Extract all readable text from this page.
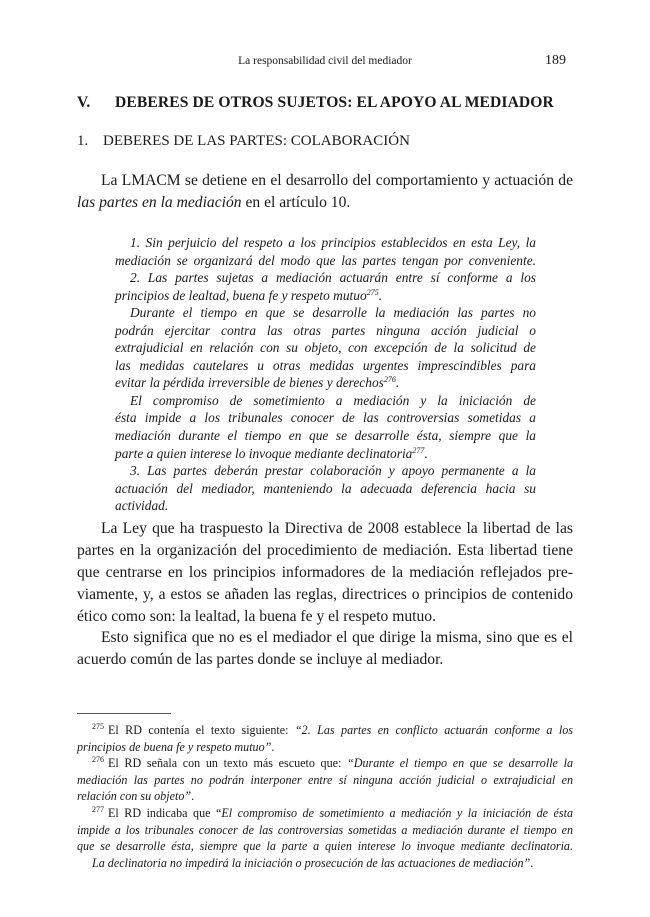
La responsabilidad civil del mediador	189
V. DEBERES DE OTROS SUJETOS: EL APOYO AL MEDIADOR
1. DEBERES DE LAS PARTES: COLABORACIÓN
La LMACM se detiene en el desarrollo del comportamiento y actuación de
las partes en la mediación en el artículo 10.
1. Sin perjuicio del respeto a los principios establecidos en esta Ley, la
mediación se organizará del modo que las partes tengan por conveniente.
2. Las partes sujetas a mediación actuarán entre sí conforme a los
principios de lealtad, buena fe y respeto mutuo$^{275}$.
Durante el tiempo en que se desarrolle la mediación las partes no
podrán ejercitar contra las otras partes ninguna acción judicial o
extrajudicial en relación con su objeto, con excepción de la solicitud de
las medidas cautelares u otras medidas urgentes imprescindibles para
evitar la pérdida irreversible de bienes y derechos$^{276}$.
El compromiso de sometimiento a mediación y la iniciación de
ésta impide a los tribunales conocer de las controversias sometidas a
mediación durante el tiempo en que se desarrolle ésta, siempre que la
parte a quien interese lo invoque mediante declinatoria$^{277}$.
3. Las partes deberán prestar colaboración y apoyo permanente a la
actuación del mediador, manteniendo la adecuada deferencia hacia su
actividad.
La Ley que ha traspuesto la Directiva de 2008 establece la libertad de las
partes en la organización del procedimiento de mediación. Esta libertad tiene
que centrarse en los principios informadores de la mediación reflejados pre-
viamente, y, a estos se añaden las reglas, directrices o principios de contenido
ético como son: la lealtad, la buena fe y el respeto mutuo.
Esto significa que no es el mediador el que dirige la misma, sino que es el
acuerdo común de las partes donde se incluye al mediador.
$^{275}$ El RD contenía el texto siguiente: “2. Las partes en conflicto actuarán conforme a los
principios de buena fe y respeto mutuo”.
$^{276}$ El RD señala con un texto más escueto que: “Durante el tiempo en que se desarrolle la
mediación las partes no podrán interponer entre sí ninguna acción judicial o extrajudicial en
relación con su objeto”.
$^{277}$ El RD indicaba que “El compromiso de sometimiento a mediación y la iniciación de ésta
impide a los tribunales conocer de las controversias sometidas a mediación durante el tiempo en
que se desarrolle ésta, siempre que la parte a quien interese lo invoque mediante declinatoria.
La declinatoria no impedirá la iniciación o prosecución de las actuaciones de mediación”.
